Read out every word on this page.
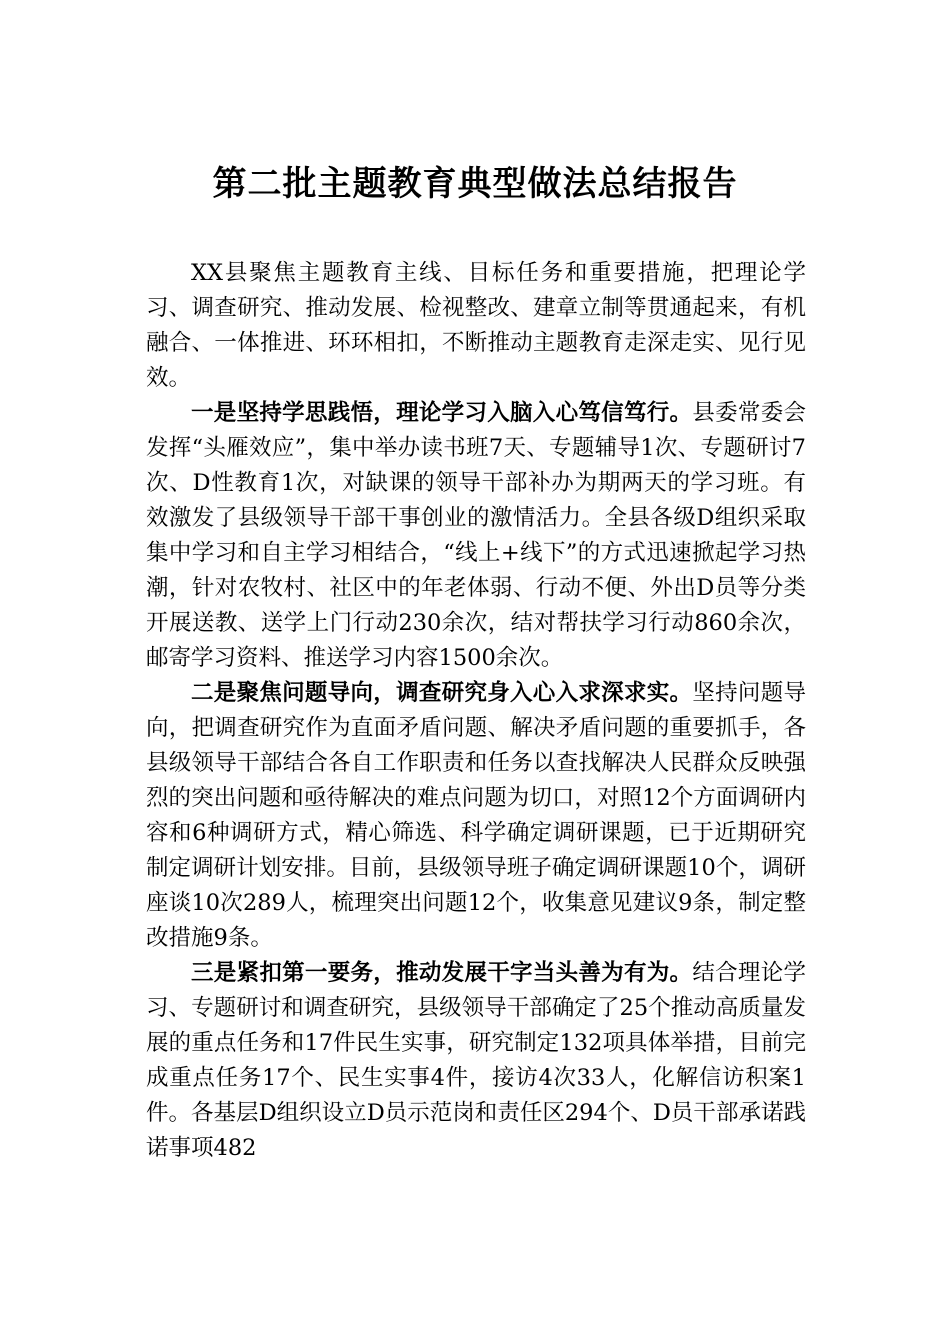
第二批主题教育典型做法总结报告

XX县聚焦主题教育主线、目标任务和重要措施，把理论学习、调查研究、推动发展、检视整改、建章立制等贯通起来，有机融合、一体推进、环环相扣，不断推动主题教育走深走实、见行见效。

一是坚持学思践悟，理论学习入脑入心笃信笃行。县委常委会发挥“头雁效应”，集中举办读书班7天、专题辅导1次、专题研讨7次、D性教育1次，对缺课的领导干部补办为期两天的学习班。有效激发了县级领导干部干事创业的激情活力。全县各级D组织采取集中学习和自主学习相结合，“线上+线下”的方式迅速掀起学习热潮，针对农牧村、社区中的年老体弱、行动不便、外出D员等分类开展送教、送学上门行动230余次，结对帮扶学习行动860余次，邮寄学习资料、推送学习内容1500余次。

二是聚焦问题导向，调查研究身入心入求深求实。坚持问题导向，把调查研究作为直面矛盾问题、解决矛盾问题的重要抓手，各县级领导干部结合各自工作职责和任务以查找解决人民群众反映强烈的突出问题和亟待解决的难点问题为切口，对照12个方面调研内容和6种调研方式，精心筛选、科学确定调研课题，已于近期研究制定调研计划安排。目前，县级领导班子确定调研课题10个，调研座谈10次289人，梳理突出问题12个，收集意见建议9条，制定整改措施9条。

三是紧扣第一要务，推动发展干字当头善为有为。结合理论学习、专题研讨和调查研究，县级领导干部确定了25个推动高质量发展的重点任务和17件民生实事，研究制定132项具体举措，目前完成重点任务17个、民生实事4件，接访4次33人，化解信访积案1件。各基层D组织设立D员示范岗和责任区294个、D员干部承诺践诺事项482
